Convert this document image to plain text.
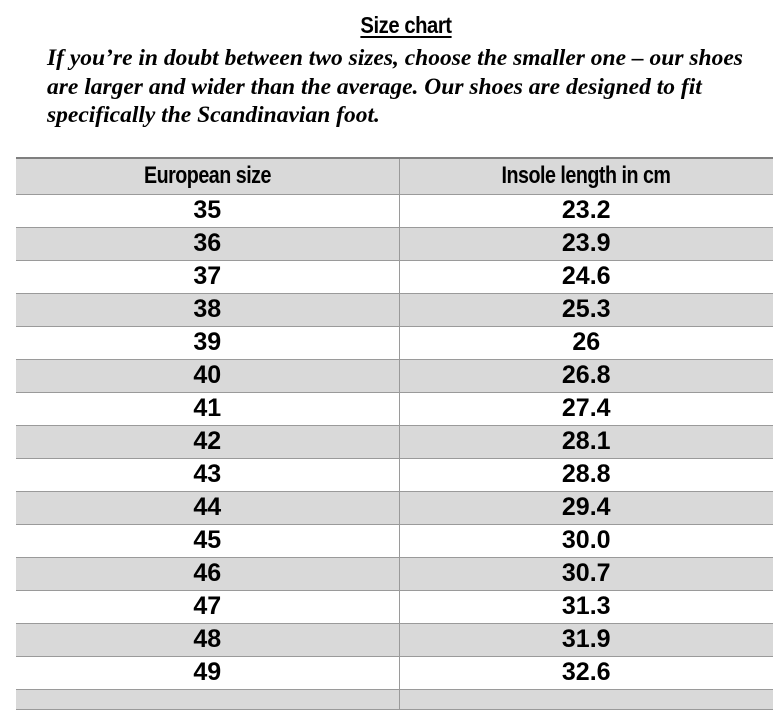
Size chart

If you’re in doubt between two sizes, choose the smaller one – our shoes are larger and wider than the average. Our shoes are designed to fit specifically the Scandinavian foot.

European size	Insole length in cm
35	23.2
36	23.9
37	24.6
38	25.3
39	26
40	26.8
41	27.4
42	28.1
43	28.8
44	29.4
45	30.0
46	30.7
47	31.3
48	31.9
49	32.6
